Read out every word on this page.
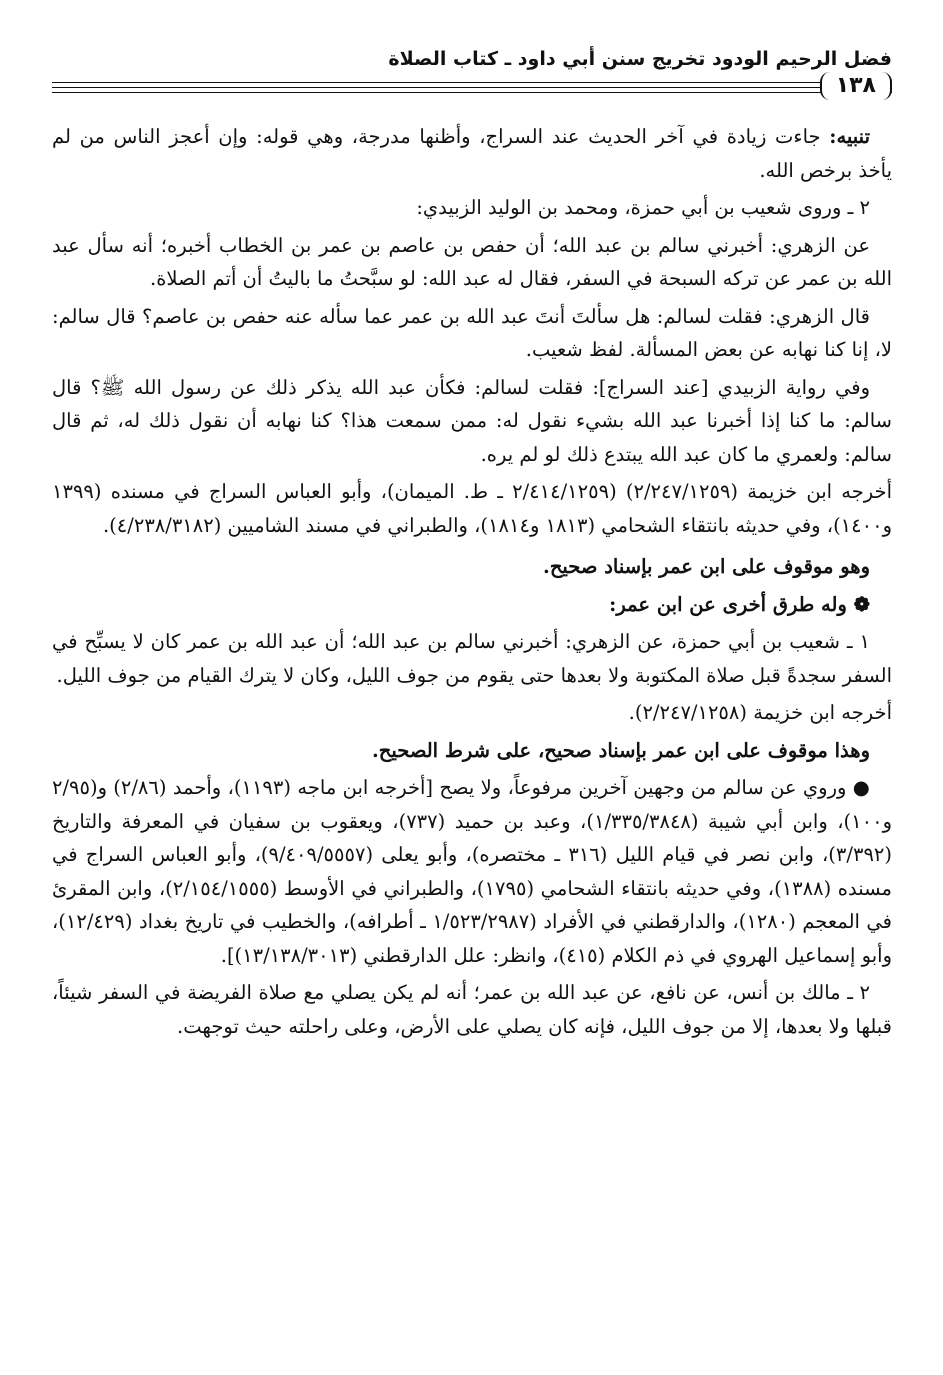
فضل الرحيم الودود تخريج سنن أبي داود ـ كتاب الصلاة
١٣٨

تنبيه: جاءت زيادة في آخر الحديث عند السراج، وأظنها مدرجة، وهي قوله: وإن أعجز الناس من لم يأخذ برخص الله.

٢ ـ وروى شعيب بن أبي حمزة، ومحمد بن الوليد الزبيدي:

عن الزهري: أخبرني سالم بن عبد الله؛ أن حفص بن عاصم بن عمر بن الخطاب أخبره؛ أنه سأل عبد الله بن عمر عن تركه السبحة في السفر، فقال له عبد الله: لو سبَّحتُ ما باليتُ أن أتم الصلاة.

قال الزهري: فقلت لسالم: هل سألتَ أنتَ عبد الله بن عمر عما سأله عنه حفص بن عاصم؟ قال سالم: لا، إنا كنا نهابه عن بعض المسألة. لفظ شعيب.

وفي رواية الزبيدي [عند السراج]: فقلت لسالم: فكأن عبد الله يذكر ذلك عن رسول الله ﷺ؟ قال سالم: ما كنا إذا أخبرنا عبد الله بشيء نقول له: ممن سمعت هذا؟ كنا نهابه أن نقول ذلك له، ثم قال سالم: ولعمري ما كان عبد الله يبتدع ذلك لو لم يره.

أخرجه ابن خزيمة (٢/٢٤٧/١٢٥٩) (٢/٤١٤/١٢٥٩ ـ ط. الميمان)، وأبو العباس السراج في مسنده (١٣٩٩ و١٤٠٠)، وفي حديثه بانتقاء الشحامي (١٨١٣ و١٨١٤)، والطبراني في مسند الشاميين (٤/٢٣٨/٣١٨٢).

وهو موقوف على ابن عمر بإسناد صحيح.

❁ وله طرق أخرى عن ابن عمر:

١ ـ شعيب بن أبي حمزة، عن الزهري: أخبرني سالم بن عبد الله؛ أن عبد الله بن عمر كان لا يسبِّح في السفر سجدةً قبل صلاة المكتوبة ولا بعدها حتى يقوم من جوف الليل، وكان لا يترك القيام من جوف الليل.

أخرجه ابن خزيمة (٢/٢٤٧/١٢٥٨).

وهذا موقوف على ابن عمر بإسناد صحيح، على شرط الصحيح.

● وروي عن سالم من وجهين آخرين مرفوعاً، ولا يصح [أخرجه ابن ماجه (١١٩٣)، وأحمد (٢/٨٦) و(٢/٩٥ و١٠٠)، وابن أبي شيبة (١/٣٣٥/٣٨٤٨)، وعبد بن حميد (٧٣٧)، ويعقوب بن سفيان في المعرفة والتاريخ (٣/٣٩٢)، وابن نصر في قيام الليل (٣١٦ ـ مختصره)، وأبو يعلى (٩/٤٠٩/٥٥٥٧)، وأبو العباس السراج في مسنده (١٣٨٨)، وفي حديثه بانتقاء الشحامي (١٧٩٥)، والطبراني في الأوسط (٢/١٥٤/١٥٥٥)، وابن المقرئ في المعجم (١٢٨٠)، والدارقطني في الأفراد (١/٥٢٣/٢٩٨٧ ـ أطرافه)، والخطيب في تاريخ بغداد (١٢/٤٢٩)، وأبو إسماعيل الهروي في ذم الكلام (٤١٥)، وانظر: علل الدارقطني (١٣/١٣٨/٣٠١٣)].

٢ ـ مالك بن أنس، عن نافع، عن عبد الله بن عمر؛ أنه لم يكن يصلي مع صلاة الفريضة في السفر شيئاً، قبلها ولا بعدها، إلا من جوف الليل، فإنه كان يصلي على الأرض، وعلى راحلته حيث توجهت.
